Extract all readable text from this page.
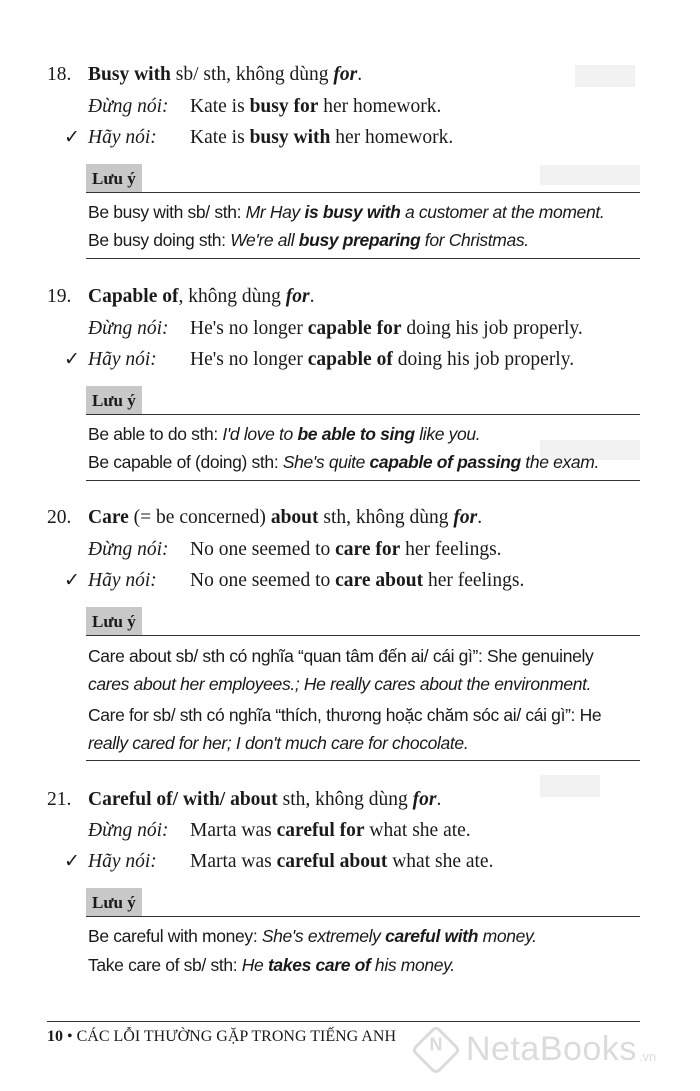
18. Busy with sb/ sth, không dùng for.
Đừng nói: Kate is busy for her homework.
✓ Hãy nói: Kate is busy with her homework.
Lưu ý
Be busy with sb/ sth: Mr Hay is busy with a customer at the moment.
Be busy doing sth: We're all busy preparing for Christmas.
19. Capable of, không dùng for.
Đừng nói: He's no longer capable for doing his job properly.
✓ Hãy nói: He's no longer capable of doing his job properly.
Lưu ý
Be able to do sth: I'd love to be able to sing like you.
Be capable of (doing) sth: She's quite capable of passing the exam.
20. Care (= be concerned) about sth, không dùng for.
Đừng nói: No one seemed to care for her feelings.
✓ Hãy nói: No one seemed to care about her feelings.
Lưu ý
Care about sb/ sth có nghĩa “quan tâm đến ai/ cái gì”: She genuinely
cares about her employees.; He really cares about the environment.
Care for sb/ sth có nghĩa “thích, thương hoặc chăm sóc ai/ cái gì”: He
really cared for her; I don't much care for chocolate.
21. Careful of/ with/ about sth, không dùng for.
Đừng nói: Marta was careful for what she ate.
✓ Hãy nói: Marta was careful about what she ate.
Lưu ý
Be careful with money: She's extremely careful with money.
Take care of sb/ sth: He takes care of his money.
10 • CÁC LỖI THƯỜNG GẶP TRONG TIẾNG ANH
N NetaBooks .vn
